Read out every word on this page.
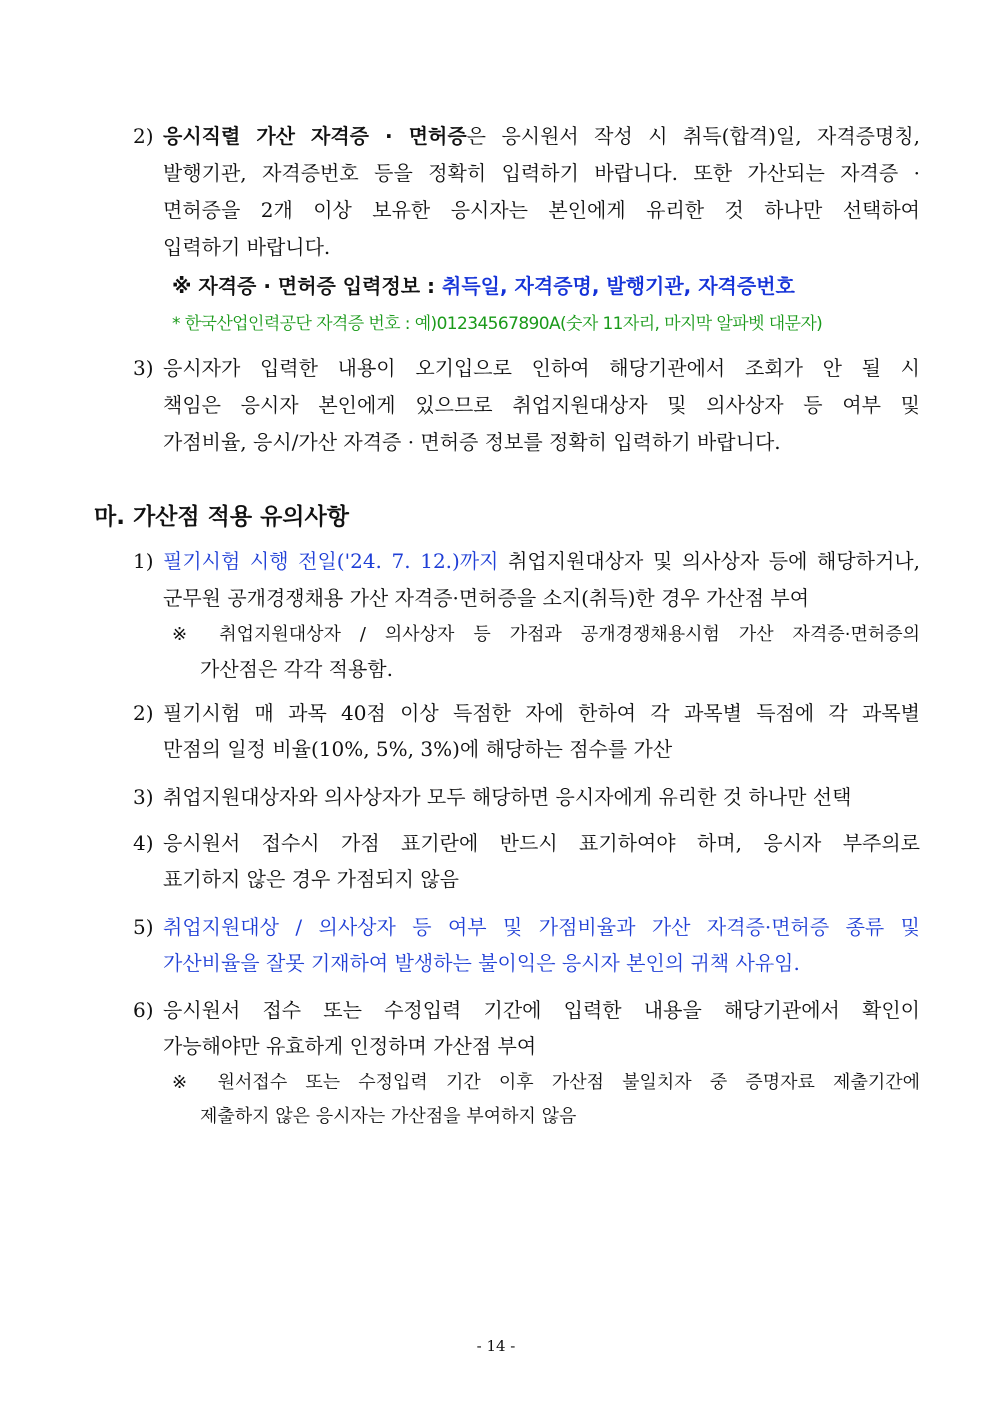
2) 응시직렬 가산 자격증 · 면허증은 응시원서 작성 시 취득(합격)일, 자격증명칭,
발행기관, 자격증번호 등을 정확히 입력하기 바랍니다. 또한 가산되는 자격증 ·
면허증을 2개 이상 보유한 응시자는 본인에게 유리한 것 하나만 선택하여
입력하기 바랍니다.
※ 자격증 · 면허증 입력정보 : 취득일, 자격증명, 발행기관, 자격증번호
* 한국산업인력공단 자격증 번호 : 예)01234567890A(숫자 11자리, 마지막 알파벳 대문자)
3) 응시자가 입력한 내용이 오기입으로 인하여 해당기관에서 조회가 안 될 시
책임은 응시자 본인에게 있으므로 취업지원대상자 및 의사상자 등 여부 및
가점비율, 응시/가산 자격증 · 면허증 정보를 정확히 입력하기 바랍니다.
마. 가산점 적용 유의사항
1) 필기시험 시행 전일('24. 7. 12.)까지 취업지원대상자 및 의사상자 등에 해당하거나,
군무원 공개경쟁채용 가산 자격증·면허증을 소지(취득)한 경우 가산점 부여
※ 취업지원대상자 / 의사상자 등 가점과 공개경쟁채용시험 가산 자격증·면허증의
가산점은 각각 적용함.
2) 필기시험 매 과목 40점 이상 득점한 자에 한하여 각 과목별 득점에 각 과목별
만점의 일정 비율(10%, 5%, 3%)에 해당하는 점수를 가산
3) 취업지원대상자와 의사상자가 모두 해당하면 응시자에게 유리한 것 하나만 선택
4) 응시원서 접수시 가점 표기란에 반드시 표기하여야 하며, 응시자 부주의로
표기하지 않은 경우 가점되지 않음
5) 취업지원대상 / 의사상자 등 여부 및 가점비율과 가산 자격증·면허증 종류 및
가산비율을 잘못 기재하여 발생하는 불이익은 응시자 본인의 귀책 사유임.
6) 응시원서 접수 또는 수정입력 기간에 입력한 내용을 해당기관에서 확인이
가능해야만 유효하게 인정하며 가산점 부여
※ 원서접수 또는 수정입력 기간 이후 가산점 불일치자 중 증명자료 제출기간에
제출하지 않은 응시자는 가산점을 부여하지 않음
- 14 -
